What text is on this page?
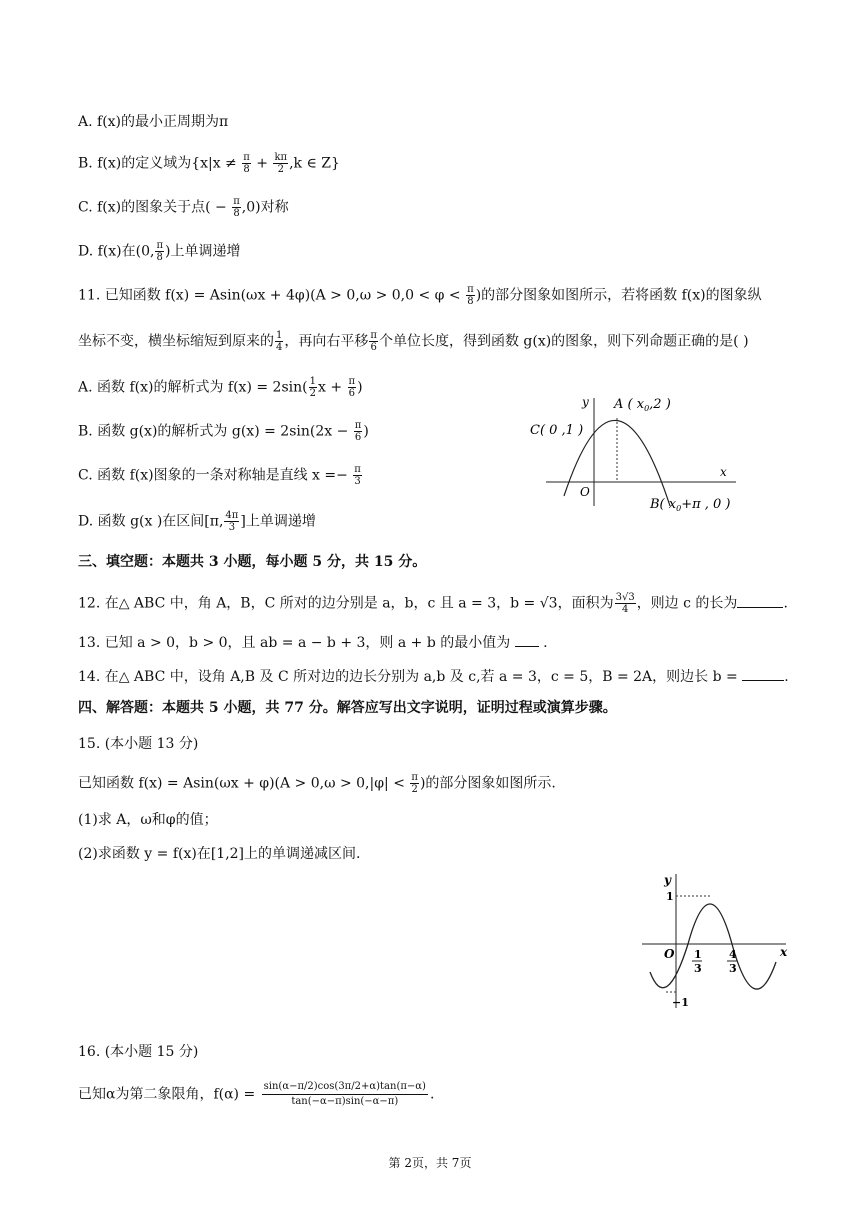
A. f(x)的最小正周期为π
B. f(x)的定义域为{$x|x \ne \frac{\pi}{8} + \frac{k\pi}{2} ,k$ ∈ Z}
C. f(x)的图象关于点( − $\frac{\pi}{8} ,0$)对称
D. f(x)在(0, $\frac{\pi}{8}$ )上单调递增
11. 已知函数 $f(x) = Asin(\omega x + 4\varphi)(A > 0,\omega > 0,0 < \varphi < \frac{\pi}{8}$ )的部分图象如图所示，若将函数 f(x)的图象纵
坐标不变，横坐标缩短到原来的 $\frac{1}{4}$ ，再向右平移 $\frac{\pi}{6}$ 个单位长度，得到函数 g(x)的图象，则下列命题正确的是( )
A. 函数 f(x)的解析式为 $f(x) = 2\sin( \frac{1}{2}$ $x + \frac{\pi}{6}$ )
B. 函数 g(x)的解析式为 $g(x) = 2\sin(2x - \frac{\pi}{6}$ )
C. 函数 f(x)图象的一条对称轴是直线 $x =- \frac{\pi}{3}$
D. 函数 g(x )在区间[π, $\frac{4\pi}{3}$ ]上单调递增
y
x
O
A ( $x_0,2$ )
C( 0 ,1 )
B( $x_0+\pi$ , 0 )
三、填空题：本题共 3 小题，每小题 5 分，共 15 分。
12. 在△ ABC 中，角 A，B，C 所对的边分别是 a，b，c 且 a = 3，b = √3，面积为 $\frac{3√3}{4}$ ，则边 c 的长为	.
13. 已知 a > 0，b > 0，且 ab = a − b + 3，则 a + b 的最小值为 .
14. 在△ ABC 中，设角 A,B 及 C 所对边的边长分别为 a,b 及 c,若 a = 3，c = 5，B = 2A，则边长 b =	.
四、解答题：本题共 5 小题，共 77 分。解答应写出文字说明，证明过程或演算步骤。
15. (本小题 13 分)
已知函数 $f(x) = Asin(\omega x + \varphi)(A > 0,\omega > 0,|\varphi| < \frac{\pi}{2}$ )的部分图象如图所示.
(1)求 A，ω和φ的值；
(2)求函数 y = f(x)在[1,2]上的单调递减区间.
y
x
O
1
−1
1
3
4
3
16. (本小题 15 分)
已知α为第二象限角，$f(\alpha) = \frac{\sin(\alpha-\pi/2)\cos(3\pi/2+\alpha)\tan(\pi-\alpha)}{\tan(-\alpha-\pi)\sin(-\alpha-\pi)}$ .
第 2页，共 7页
